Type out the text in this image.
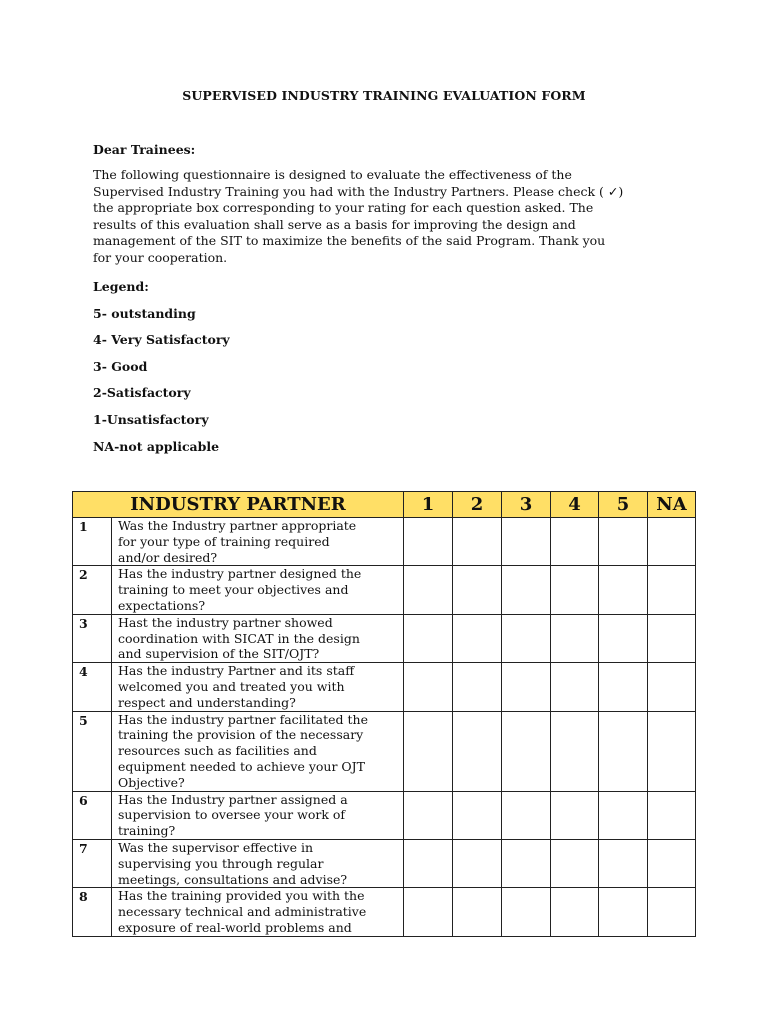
SUPERVISED INDUSTRY TRAINING EVALUATION FORM
Dear Trainees:
The following questionnaire is designed to evaluate the effectiveness of the
Supervised Industry Training you had with the Industry Partners. Please check ( ✓)
the appropriate box corresponding to your rating for each question asked. The
results of this evaluation shall serve as a basis for improving the design and
management of the SIT to maximize the benefits of the said Program. Thank you
for your cooperation.
Legend:
5- outstanding
4- Very Satisfactory
3- Good
2-Satisfactory
1-Unsatisfactory
NA-not applicable
INDUSTRY PARTNER		1	2	3	4	5	NA
1	Was the Industry partner appropriate
for your type of training required
and/or desired?						

2	Has the industry partner designed the
training to meet your objectives and
expectations?						

3	Hast the industry partner showed
coordination with SICAT in the design
and supervision of the SIT/OJT?						

4	Has the industry Partner and its staff
welcomed you and treated you with
respect and understanding?						

5	Has the industry partner facilitated the
training the provision of the necessary
resources such as facilities and
equipment needed to achieve your OJT
Objective?						

6	Has the Industry partner assigned a
supervision to oversee your work of
training?						

7	Was the supervisor effective in
supervising you through regular
meetings, consultations and advise?						

8	Has the training provided you with the
necessary technical and administrative
exposure of real-world problems and						
